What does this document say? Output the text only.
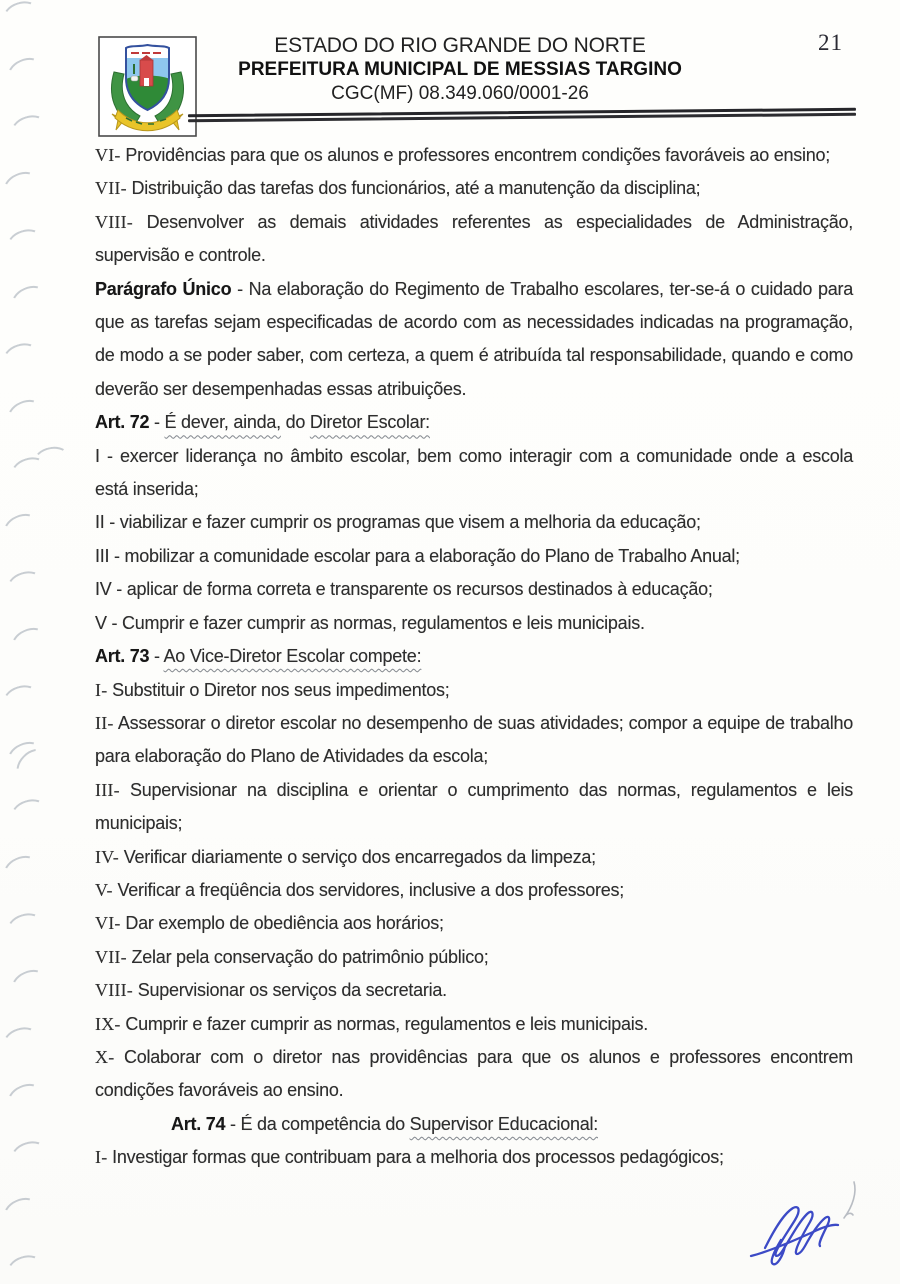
ESTADO DO RIO GRANDE DO NORTE
PREFEITURA MUNICIPAL DE MESSIAS TARGINO
CGC(MF) 08.349.060/0001-26
21

VI- Providências para que os alunos e professores encontrem condições favoráveis ao ensino;

VII- Distribuição das tarefas dos funcionários, até a manutenção da disciplina;

VIII- Desenvolver as demais atividades referentes as especialidades de Administração, supervisão e controle.

Parágrafo Único - Na elaboração do Regimento de Trabalho escolares, ter-se-á o cuidado para que as tarefas sejam especificadas de acordo com as necessidades indicadas na programação, de modo a se poder saber, com certeza, a quem é atribuída tal responsabilidade, quando e como deverão ser desempenhadas essas atribuições.

Art. 72 - É dever, ainda, do Diretor Escolar:

I - exercer liderança no âmbito escolar, bem como interagir com a comunidade onde a escola está inserida;

II - viabilizar e fazer cumprir os programas que visem a melhoria da educação;

III - mobilizar a comunidade escolar para a elaboração do Plano de Trabalho Anual;

IV - aplicar de forma correta e transparente os recursos destinados à educação;

V - Cumprir e fazer cumprir as normas, regulamentos e leis municipais.

Art. 73 - Ao Vice-Diretor Escolar compete:

I- Substituir o Diretor nos seus impedimentos;

II- Assessorar o diretor escolar no desempenho de suas atividades; compor a equipe de trabalho para elaboração do Plano de Atividades da escola;

III- Supervisionar na disciplina e orientar o cumprimento das normas, regulamentos e leis municipais;

IV- Verificar diariamente o serviço dos encarregados da limpeza;

V- Verificar a freqüência dos servidores, inclusive a dos professores;

VI- Dar exemplo de obediência aos horários;

VII- Zelar pela conservação do patrimônio público;

VIII- Supervisionar os serviços da secretaria.

IX- Cumprir e fazer cumprir as normas, regulamentos e leis municipais.

X- Colaborar com o diretor nas providências para que os alunos e professores encontrem condições favoráveis ao ensino.

Art. 74 - É da competência do Supervisor Educacional:

I- Investigar formas que contribuam para a melhoria dos processos pedagógicos;
